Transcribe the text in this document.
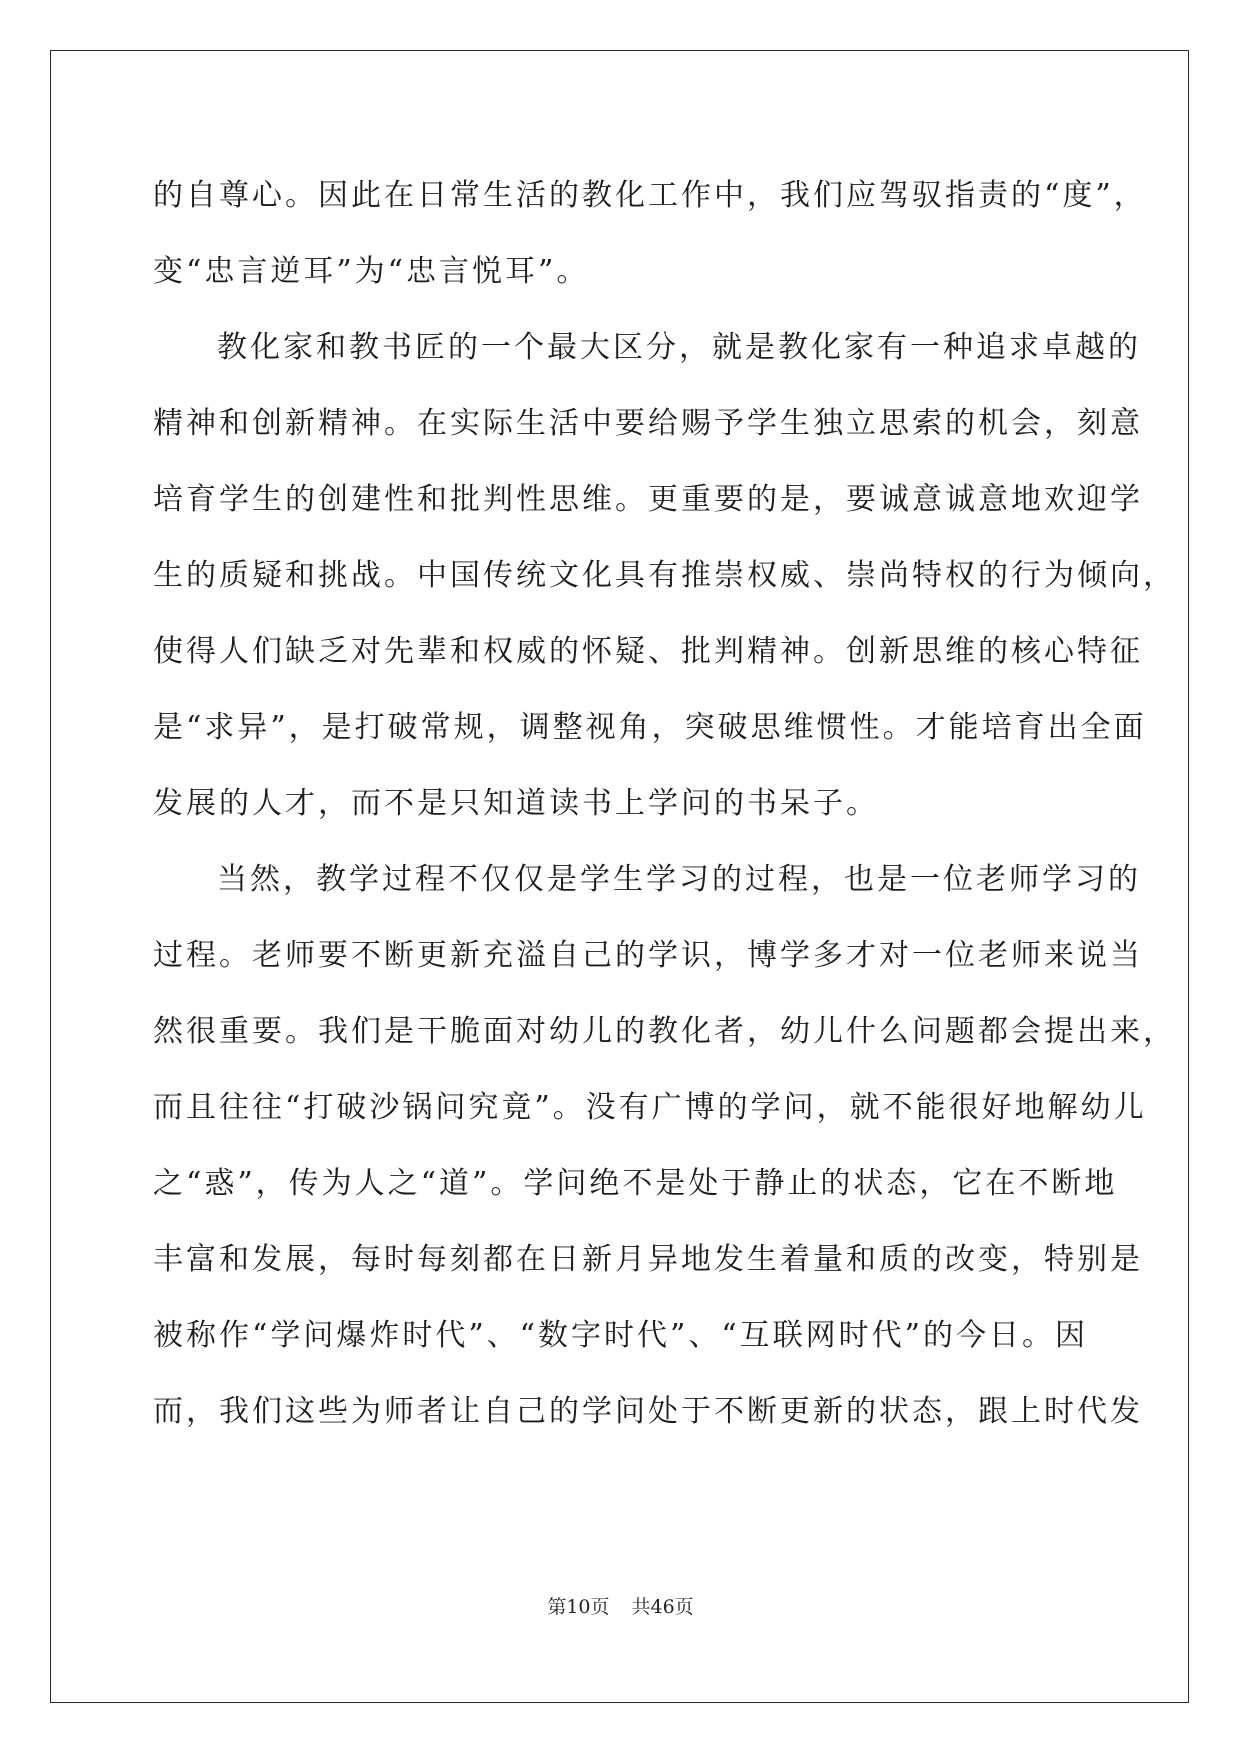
的自尊心。因此在日常生活的教化工作中，我们应驾驭指责的“度”，
变“忠言逆耳”为“忠言悦耳”。
教化家和教书匠的一个最大区分，就是教化家有一种追求卓越的
精神和创新精神。在实际生活中要给赐予学生独立思索的机会，刻意
培育学生的创建性和批判性思维。更重要的是，要诚意诚意地欢迎学
生的质疑和挑战。中国传统文化具有推崇权威、崇尚特权的行为倾向，
使得人们缺乏对先辈和权威的怀疑、批判精神。创新思维的核心特征
是“求异”，是打破常规，调整视角，突破思维惯性。才能培育出全面
发展的人才，而不是只知道读书上学问的书呆子。
当然，教学过程不仅仅是学生学习的过程，也是一位老师学习的
过程。老师要不断更新充溢自己的学识，博学多才对一位老师来说当
然很重要。我们是干脆面对幼儿的教化者，幼儿什么问题都会提出来，
而且往往“打破沙锅问究竟”。没有广博的学问，就不能很好地解幼儿
之“惑”，传为人之“道”。学问绝不是处于静止的状态，它在不断地
丰富和发展，每时每刻都在日新月异地发生着量和质的改变，特别是
被称作“学问爆炸时代”、“数字时代”、“互联网时代”的今日。因
而，我们这些为师者让自己的学问处于不断更新的状态，跟上时代发
第10页 共46页
